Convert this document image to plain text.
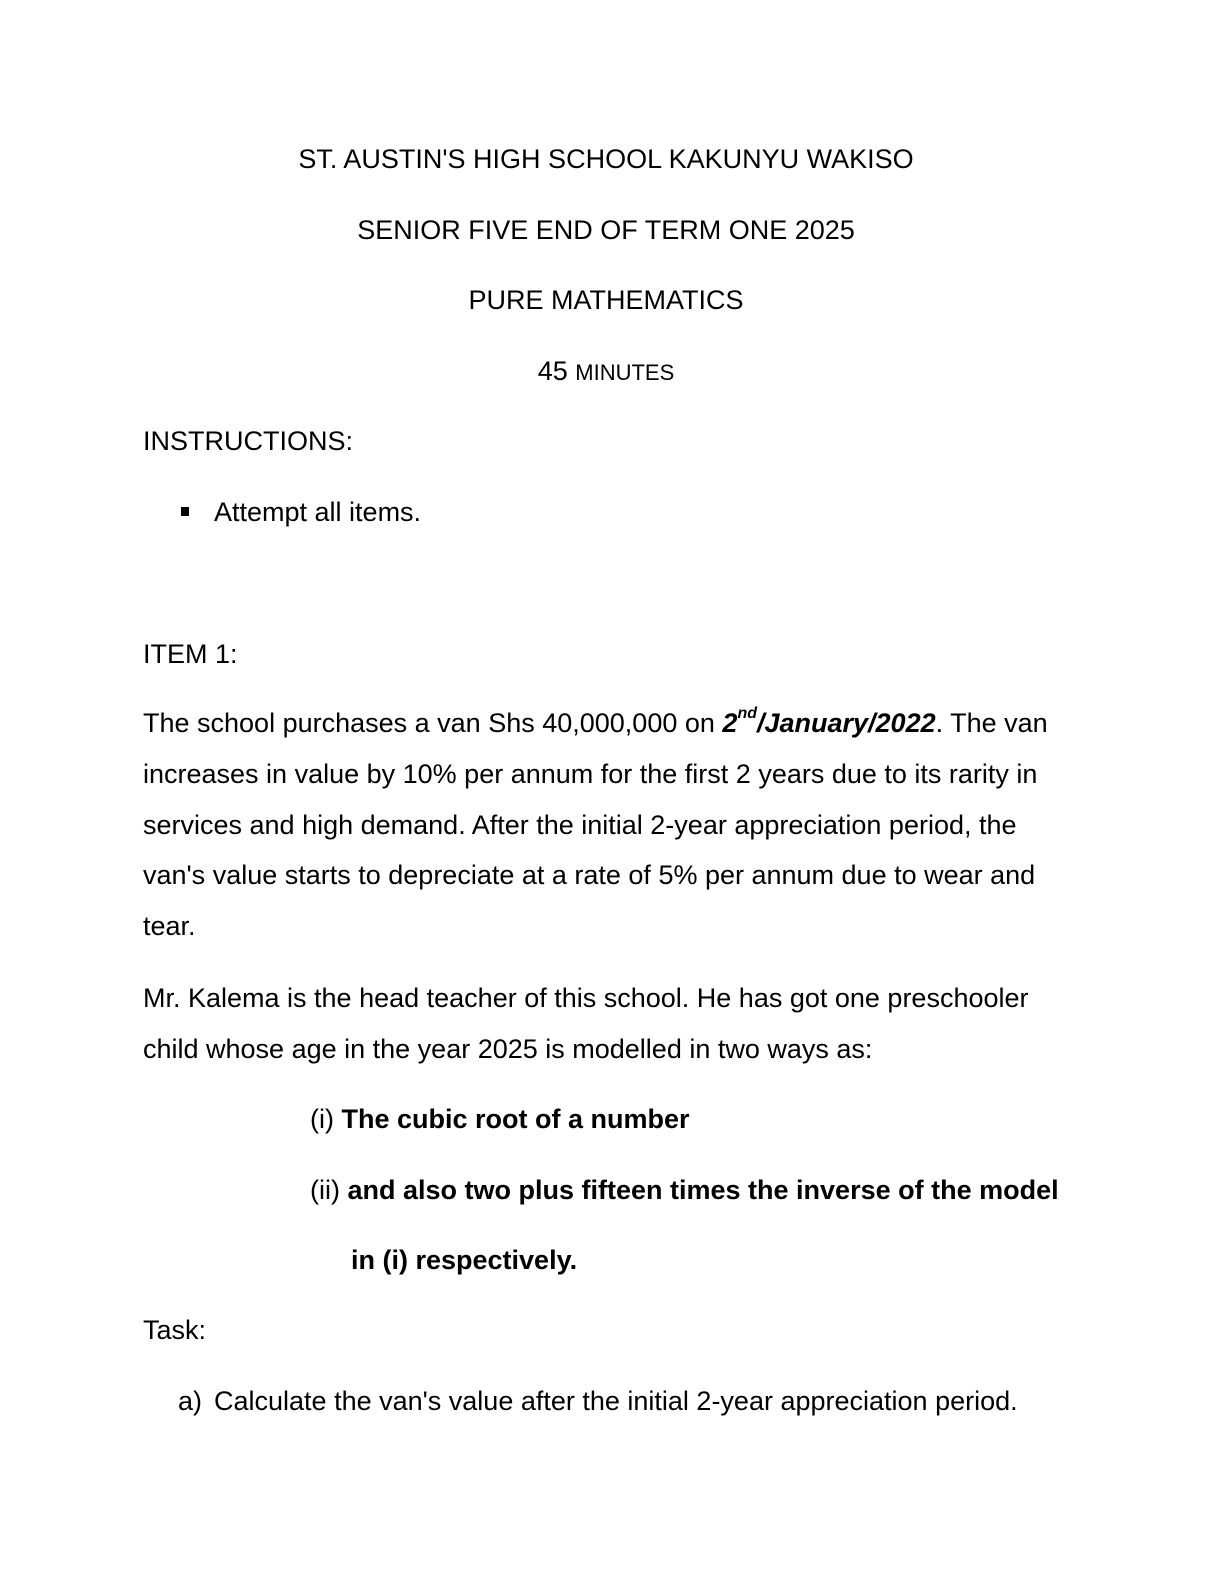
ST. AUSTIN'S HIGH SCHOOL KAKUNYU WAKISO
SENIOR FIVE END OF TERM ONE 2025
PURE MATHEMATICS
45 MINUTES
INSTRUCTIONS:
Attempt all items.
ITEM 1:
The school purchases a van Shs 40,000,000 on 2nd/January/2022. The van increases in value by 10% per annum for the first 2 years due to its rarity in services and high demand. After the initial 2-year appreciation period, the van's value starts to depreciate at a rate of 5% per annum due to wear and tear.
Mr. Kalema is the head teacher of this school. He has got one preschooler child whose age in the year 2025 is modelled in two ways as:
(i) The cubic root of a number
(ii) and also two plus fifteen times the inverse of the model
in (i) respectively.
Task:
a) Calculate the van's value after the initial 2-year appreciation period.
